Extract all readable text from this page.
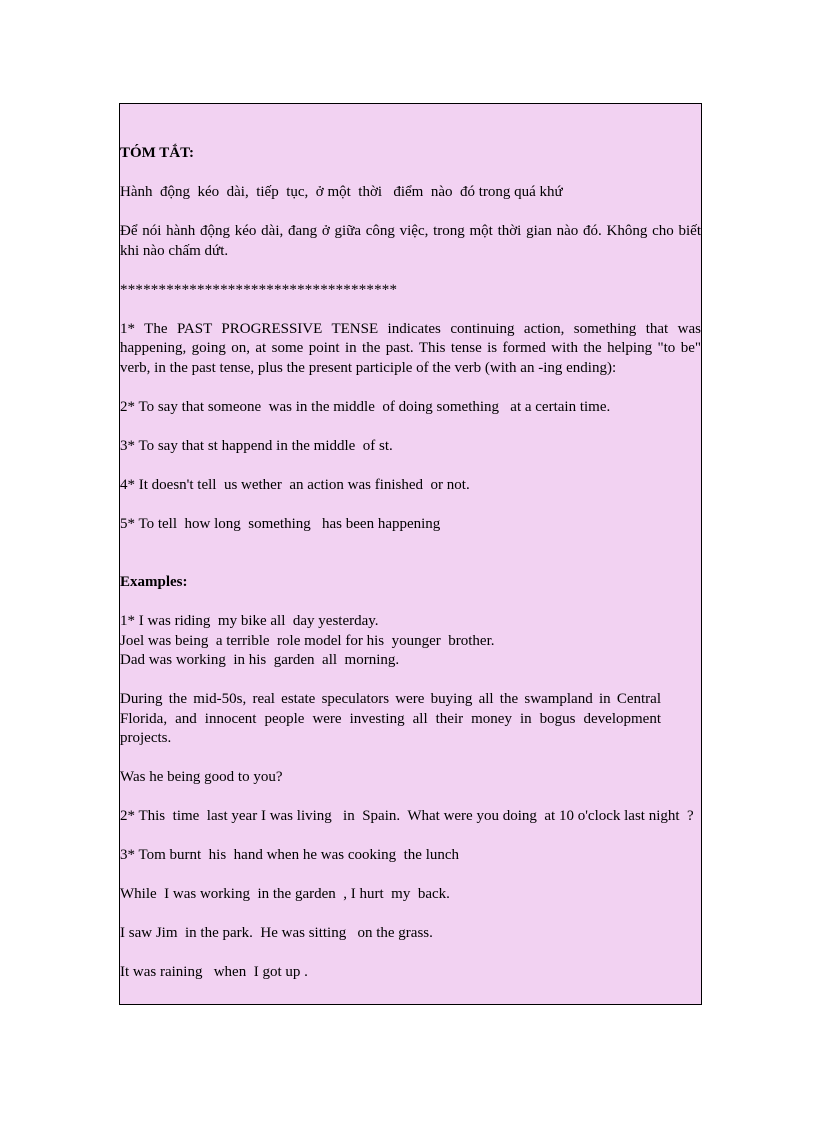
TÓM TẮT:

Hành  động  kéo  dài,  tiếp  tục,  ở một  thời   điểm  nào  đó trong quá khứ

Để nói hành động kéo dài, đang ở giữa công việc, trong một thời gian nào đó. Không cho biết khi nào chấm dứt.

************************************

1* The PAST PROGRESSIVE TENSE indicates continuing action, something that was happening, going on, at some point in the past. This tense is formed with the helping "to be" verb, in the past tense, plus the present participle of the verb (with an -ing ending):

2* To say that someone  was in the middle  of doing something   at a certain time.

3* To say that st happend in the middle  of st.

4* It doesn't tell  us wether  an action was finished  or not.

5* To tell  how long  something   has been happening

Examples:

1* I was riding  my bike all  day yesterday.

Joel was being  a terrible  role model for his  younger  brother.

Dad was working  in his  garden  all  morning.

During the mid-50s, real estate speculators were buying all the swampland in Central Florida, and innocent people were investing all their money in bogus development projects.

Was he being good to you?

2* This  time  last year I was living   in  Spain.  What were you doing  at 10 o'clock last night  ?

3* Tom burnt  his  hand when he was cooking  the lunch

While  I was working  in the garden  , I hurt  my  back.

I saw Jim  in the park.  He was sitting   on the grass.

It was raining   when  I got up .
